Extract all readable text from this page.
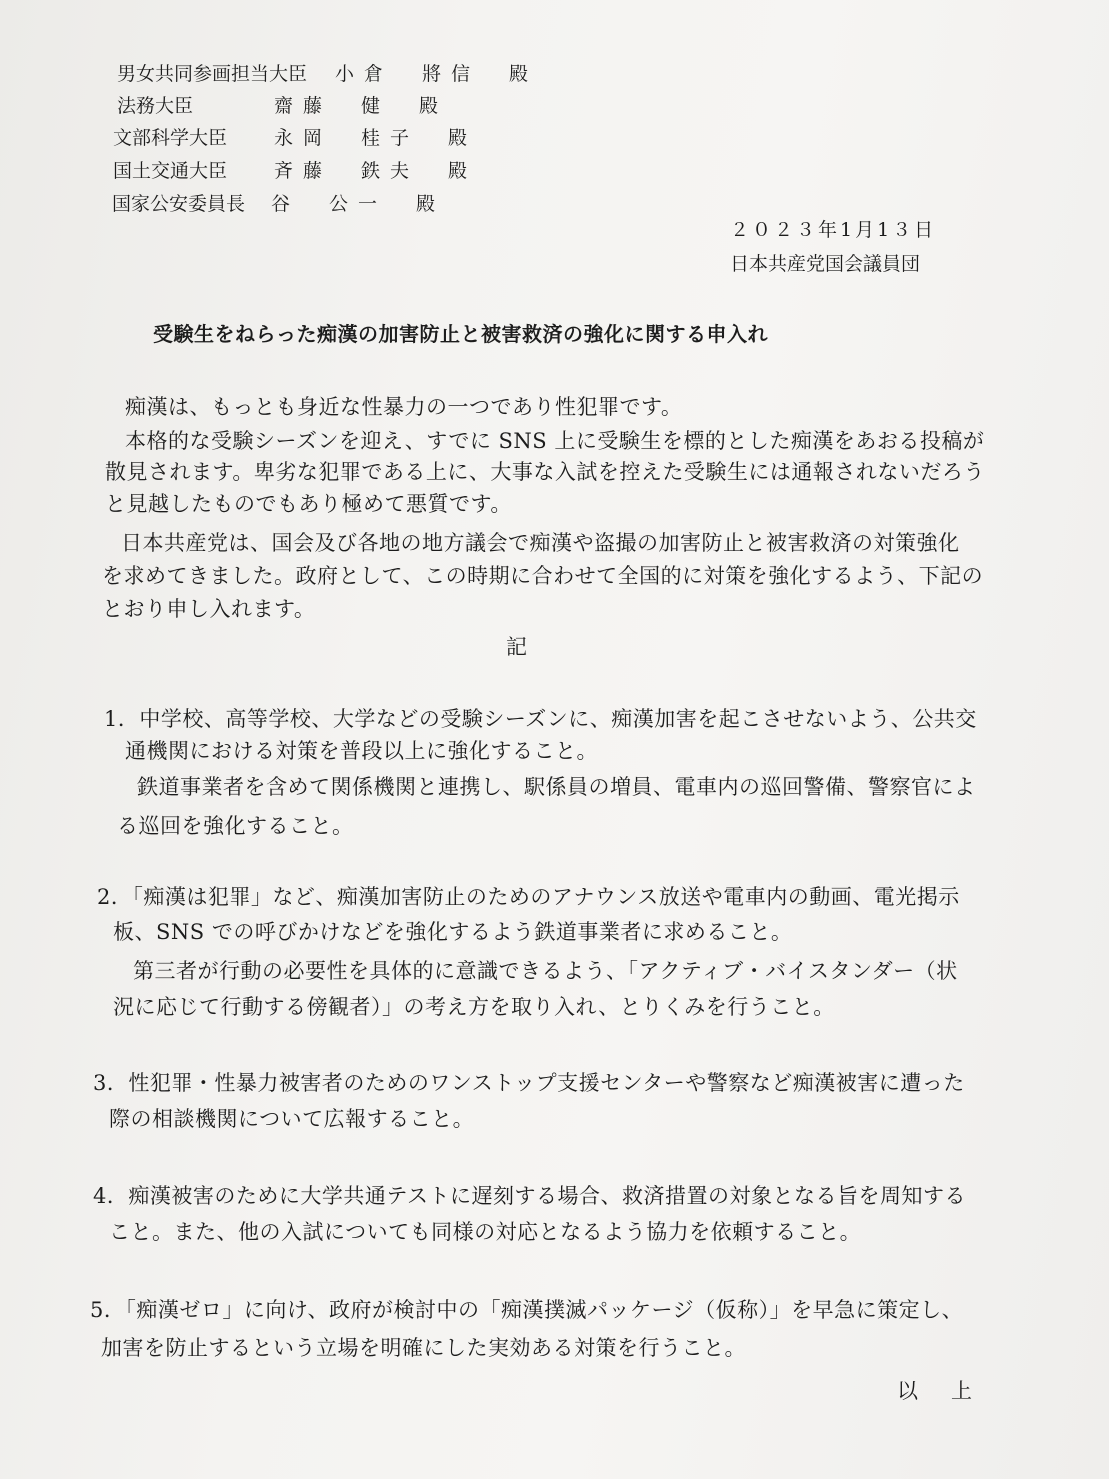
男女共同参画担当大臣 小倉　將信　殿
法務大臣	齋藤　健　殿
文部科学大臣 永岡　桂子　殿
国土交通大臣 斉藤　鉄夫　殿
国家公安委員長 谷　公一　殿
２０２３年1月1３日
日本共産党国会議員団
受験生をねらった痴漢の加害防止と被害救済の強化に関する申入れ
痴漢は、もっとも身近な性暴力の一つであり性犯罪です。
本格的な受験シーズンを迎え、すでに SNS 上に受験生を標的とした痴漢をあおる投稿が
散見されます。卑劣な犯罪である上に、大事な入試を控えた受験生には通報されないだろう
と見越したものでもあり極めて悪質です。
日本共産党は、国会及び各地の地方議会で痴漢や盗撮の加害防止と被害救済の対策強化
を求めてきました。政府として、この時期に合わせて全国的に対策を強化するよう、下記の
とおり申し入れます。
記
1．中学校、高等学校、大学などの受験シーズンに、痴漢加害を起こさせないよう、公共交
通機関における対策を普段以上に強化すること。
鉄道事業者を含めて関係機関と連携し、駅係員の増員、電車内の巡回警備、警察官によ
る巡回を強化すること。
2．「痴漢は犯罪」など、痴漢加害防止のためのアナウンス放送や電車内の動画、電光掲示
板、SNS での呼びかけなどを強化するよう鉄道事業者に求めること。
第三者が行動の必要性を具体的に意識できるよう、「アクティブ・バイスタンダー（状
況に応じて行動する傍観者）」の考え方を取り入れ、とりくみを行うこと。
3．性犯罪・性暴力被害者のためのワンストップ支援センターや警察など痴漢被害に遭った
際の相談機関について広報すること。
4．痴漢被害のために大学共通テストに遅刻する場合、救済措置の対象となる旨を周知する
こと。また、他の入試についても同様の対応となるよう協力を依頼すること。
5．「痴漢ゼロ」に向け、政府が検討中の「痴漢撲滅パッケージ（仮称）」を早急に策定し、
加害を防止するという立場を明確にした実効ある対策を行うこと。
以　上
